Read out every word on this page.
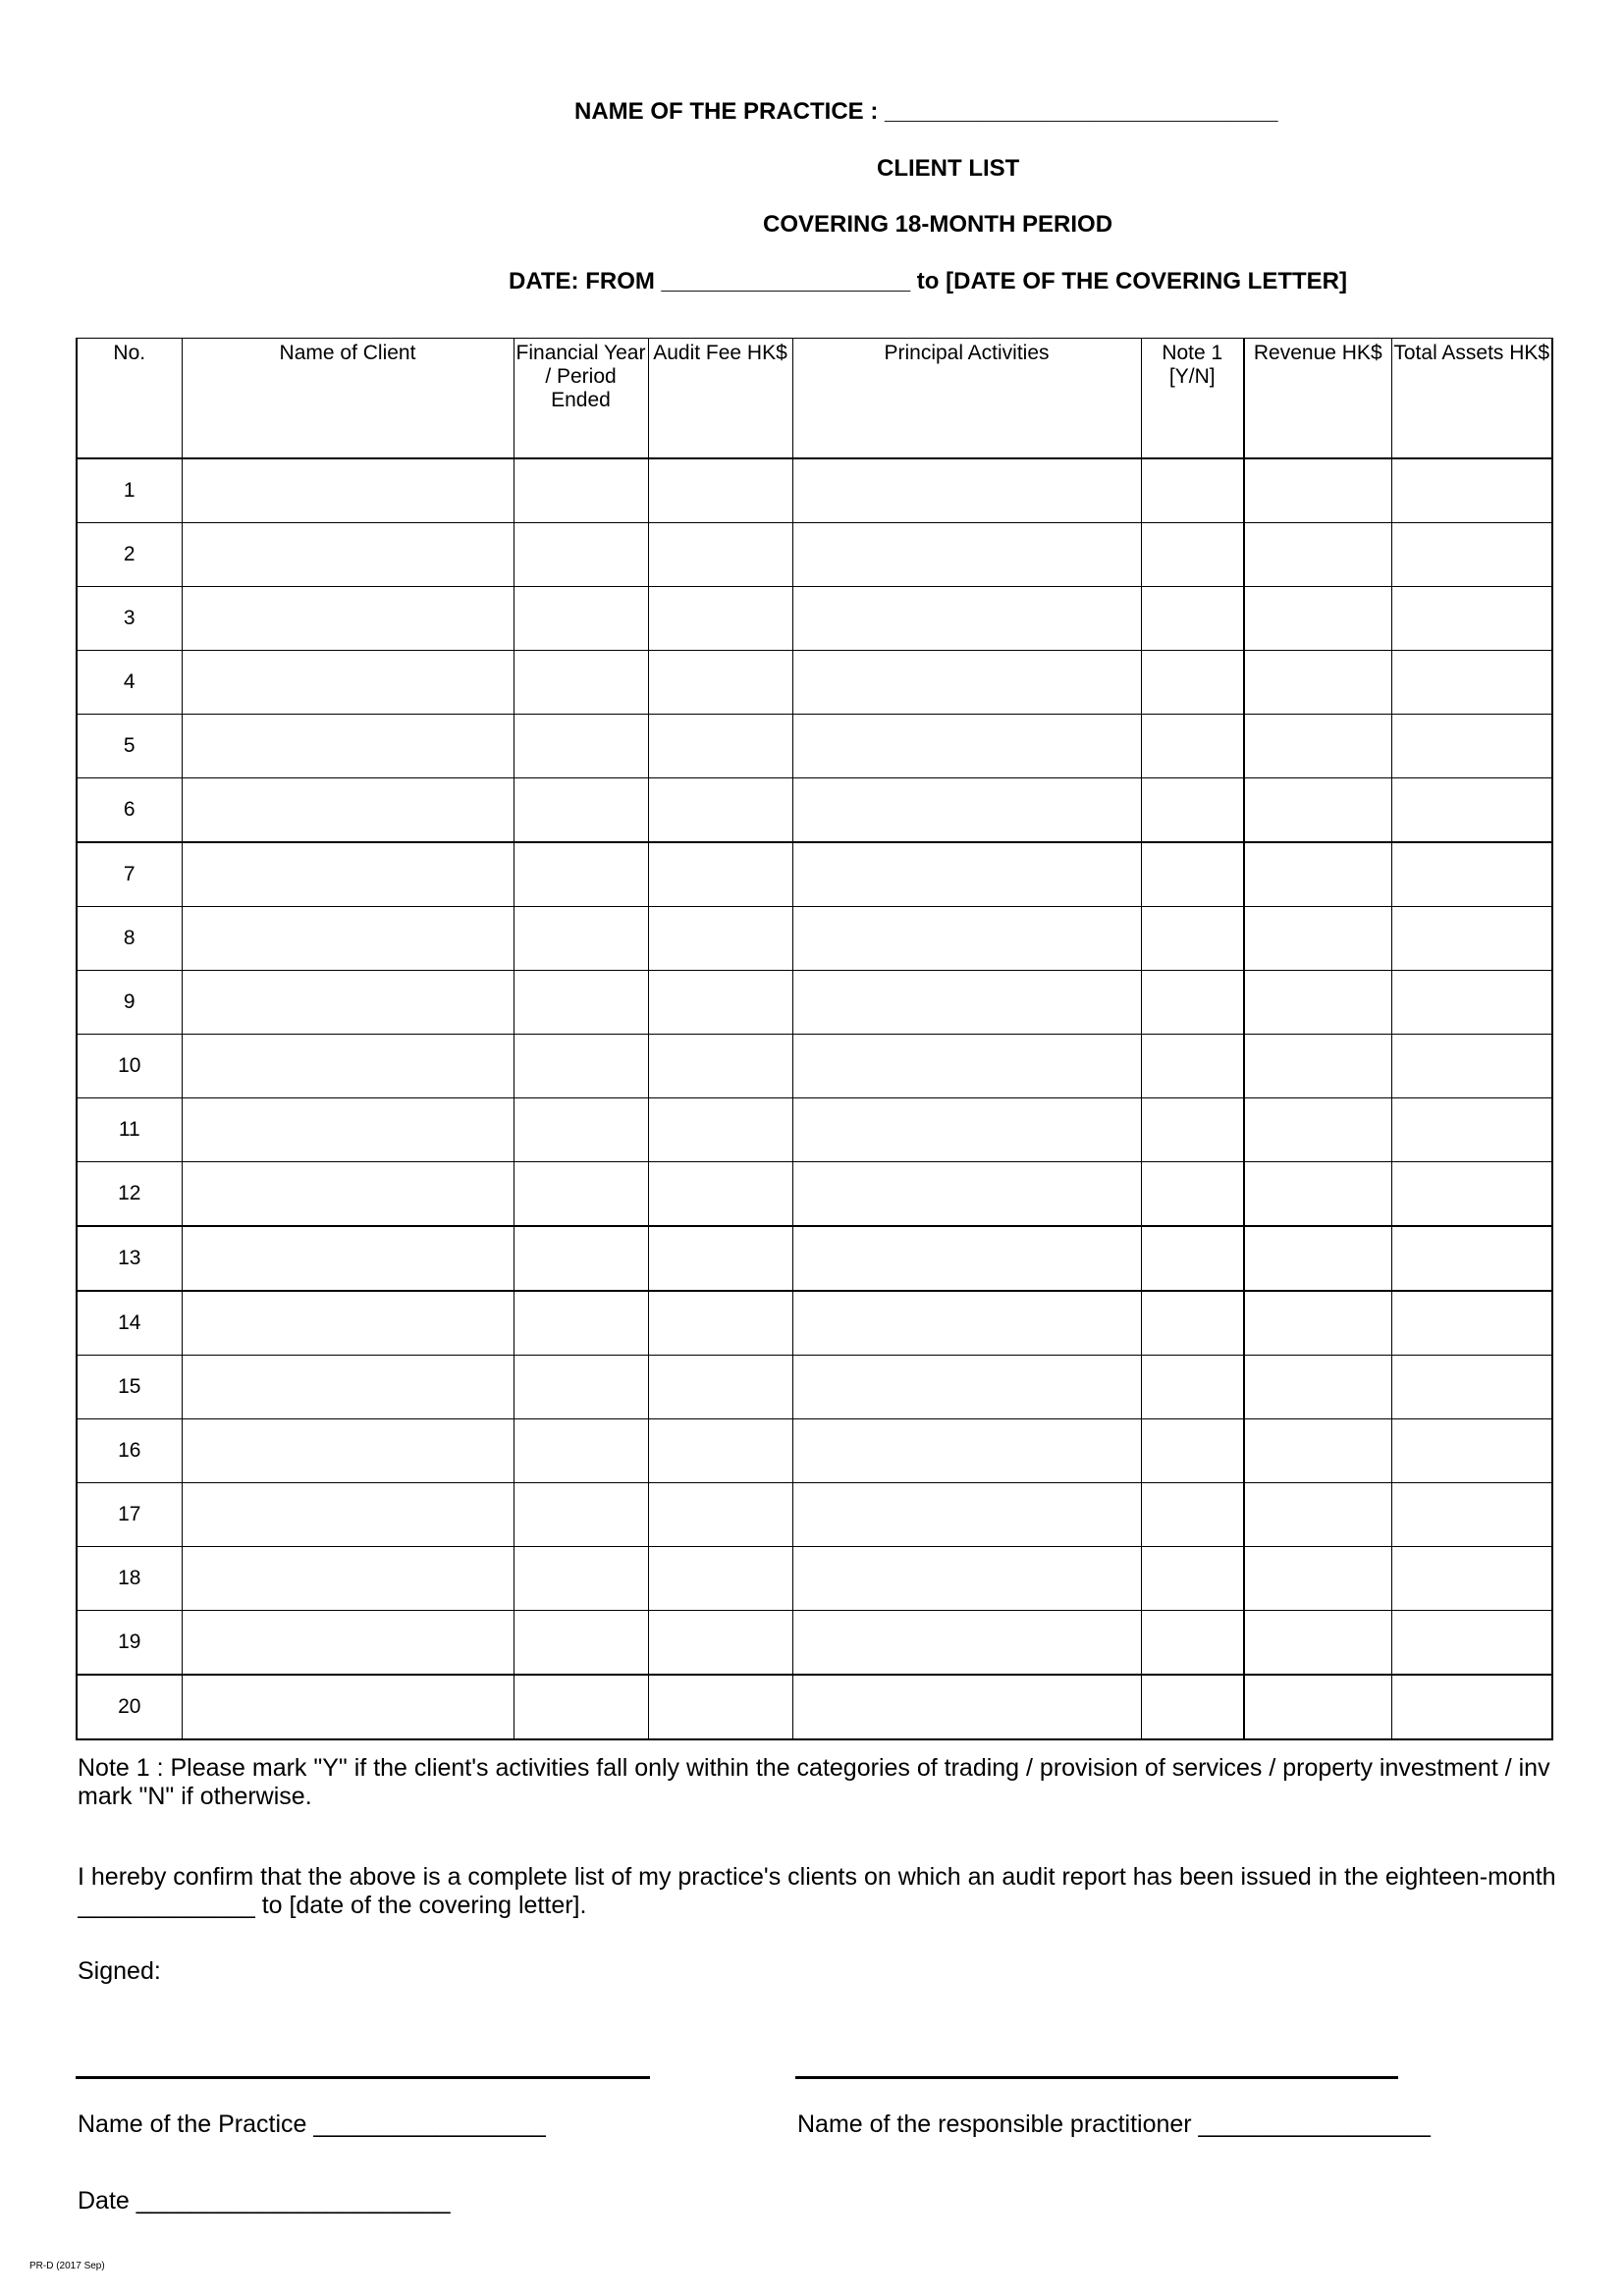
NAME OF THE PRACTICE : ______________________________
CLIENT LIST
COVERING 18-MONTH PERIOD
DATE: FROM ___________________ to [DATE OF THE COVERING LETTER]
No.	Name of Client	Financial Year / Period Ended	Audit Fee HK$	Principal Activities	Note 1 [Y/N]	Revenue HK$	Total Assets HK$
1							
2							
3							
4							
5							
6							
7							
8							
9							
10							
11							
12							
13							
14							
15							
16							
17							
18							
19							
20							
Note 1 : Please mark "Y" if the client's activities fall only within the categories of trading / provision of services / property investment / inv
mark "N" if otherwise.
I hereby confirm that the above is a complete list of my practice's clients on which an audit report has been issued in the eighteen-month
_____________ to [date of the covering letter].
Signed:
Name of the Practice _________________	Name of the responsible practitioner _________________
Date _______________________
PR-D (2017 Sep)
